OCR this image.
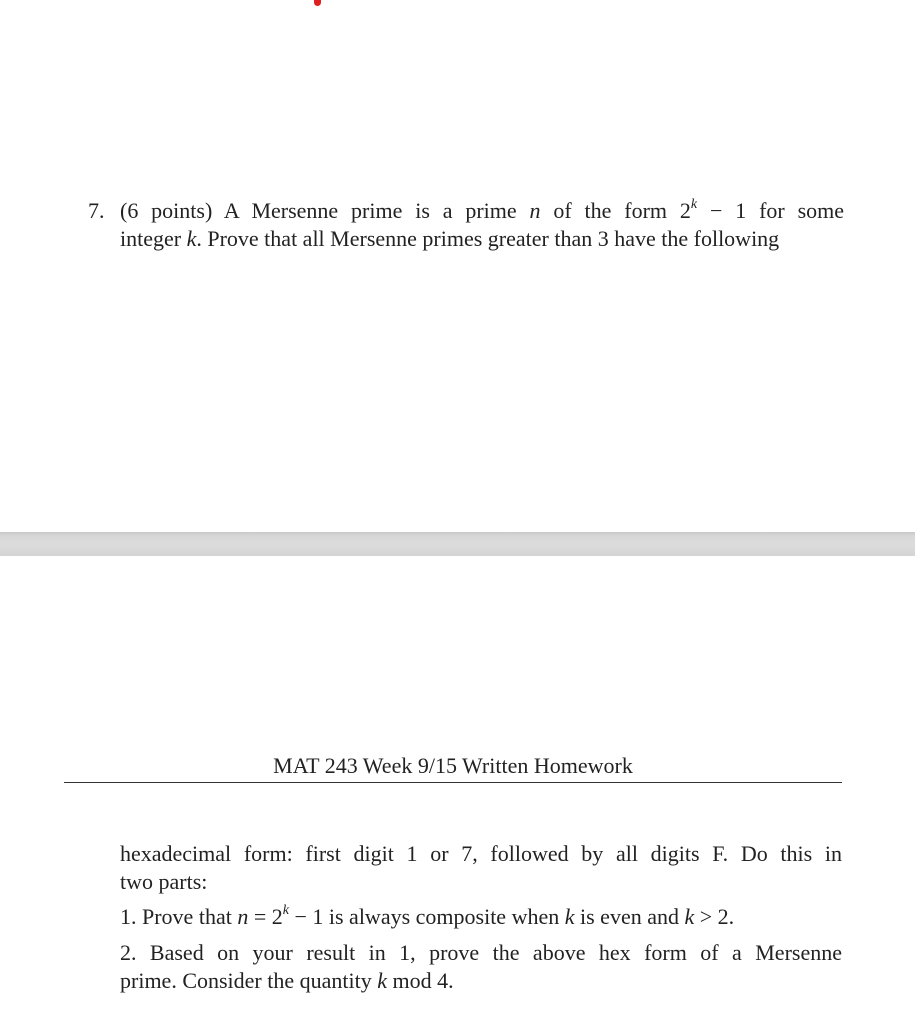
7. (6 points) A Mersenne prime is a prime n of the form $2^k - 1$ for some
integer k. Prove that all Mersenne primes greater than 3 have the following
MAT 243 Week 9/15 Written Homework
hexadecimal form: first digit 1 or 7, followed by all digits F. Do this in
two parts:
1. Prove that $n = 2^k - 1$ is always composite when k is even and k > 2.
2. Based on your result in 1, prove the above hex form of a Mersenne
prime. Consider the quantity k mod 4.
